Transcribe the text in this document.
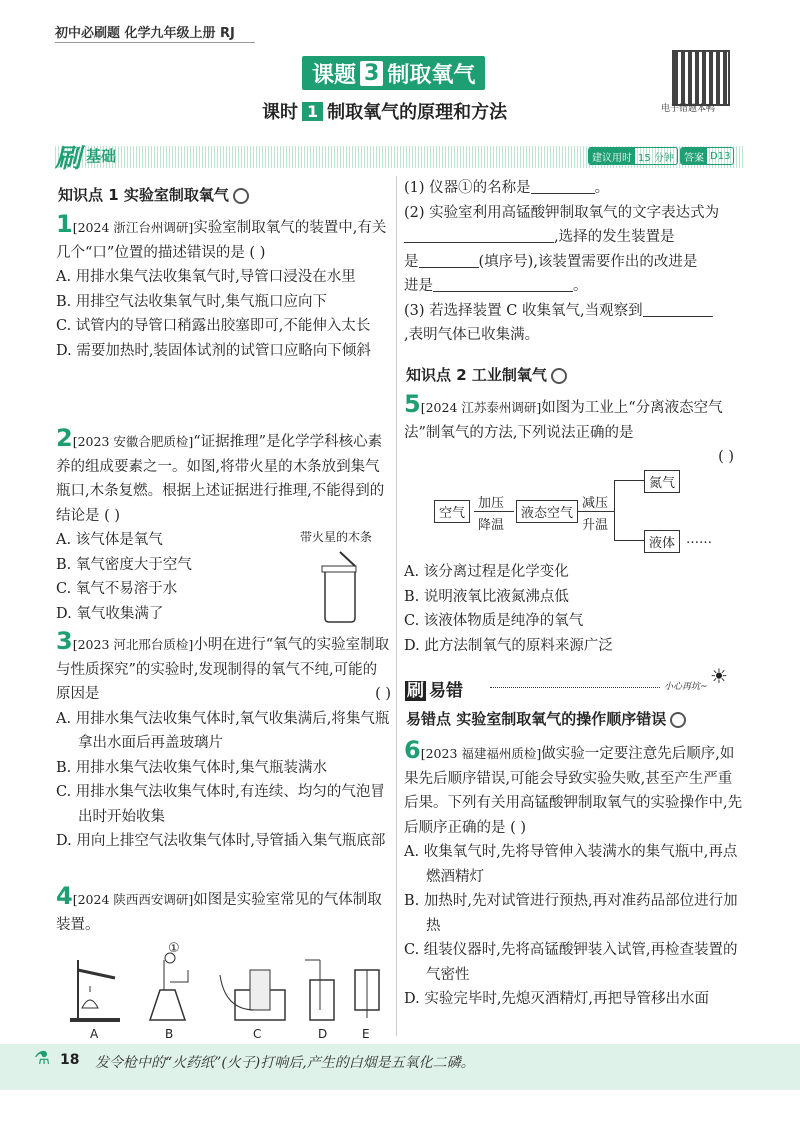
初中必刷题 化学九年级上册 RJ
课题 3 制取氧气
课时 1 制取氧气的原理和方法	电子错题本鸭
刷 基础	建议用时 15 分钟	答案 D13
知识点 1 实验室制取氧气
1[2024 浙江台州调研]实验室制取氧气的装置中,有关几个“口”位置的描述错误的是 ( )
A. 用排水集气法收集氧气时,导管口浸没在水里
B. 用排空气法收集氧气时,集气瓶口应向下
C. 试管内的导管口稍露出胶塞即可,不能伸入太长
D. 需要加热时,装固体试剂的试管口应略向下倾斜
2[2023 安徽合肥质检]“证据推理”是化学学科核心素养的组成要素之一。如图,将带火星的木条放到集气瓶口,木条复燃。根据上述证据进行推理,不能得到的结论是 ( )
A. 该气体是氧气
B. 氧气密度大于空气
C. 氧气不易溶于水
D. 氧气收集满了
带火星的木条
3[2023 河北邢台质检]小明在进行“氧气的实验室制取与性质探究”的实验时,发现制得的氧气不纯,可能的原因是	( )
A. 用排水集气法收集气体时,氧气收集满后,将集气瓶拿出水面后再盖玻璃片
B. 用排水集气法收集气体时,集气瓶装满水
C. 用排水集气法收集气体时,有连续、均匀的气泡冒出时开始收集
D. 用向上排空气法收集气体时,导管插入集气瓶底部
4[2024 陕西西安调研]如图是实验室常见的气体制取装置。
①
A	B	C	D	E
(1) 仪器①的名称是	。
(2) 实验室利用高锰酸钾制取氧气的文字表达式为,选择的发生装置是
是	(填序号),该装置需要作出的改进是
进是	。
(3) 若选择装置 C 收集氧气,当观察到
,表明气体已收集满。
知识点 2 工业制氧气
5[2024 江苏泰州调研]如图为工业上“分离液态空气法”制氧气的方法,下列说法正确的是
( )
空气
加压
降温
液态空气
减压
升温
氮气
液体 ……
A. 该分离过程是化学变化
B. 说明液氧比液氮沸点低
C. 该液体物质是纯净的氧气
D. 此方法制氧气的原料来源广泛
刷 易错	小心再坑~ ☀
易错点 实验室制取氧气的操作顺序错误
6[2023 福建福州质检]做实验一定要注意先后顺序,如果先后顺序错误,可能会导致实验失败,甚至产生严重后果。下列有关用高锰酸钾制取氧气的实验操作中,先后顺序正确的是 ( )
A. 收集氧气时,先将导管伸入装满水的集气瓶中,再点燃酒精灯
B. 加热时,先对试管进行预热,再对准药品部位进行加热
C. 组装仪器时,先将高锰酸钾装入试管,再检查装置的气密性
D. 实验完毕时,先熄灭酒精灯,再把导管移出水面
⚗ 18 发令枪中的“火药纸”(火子)打响后,产生的白烟是五氧化二磷。
